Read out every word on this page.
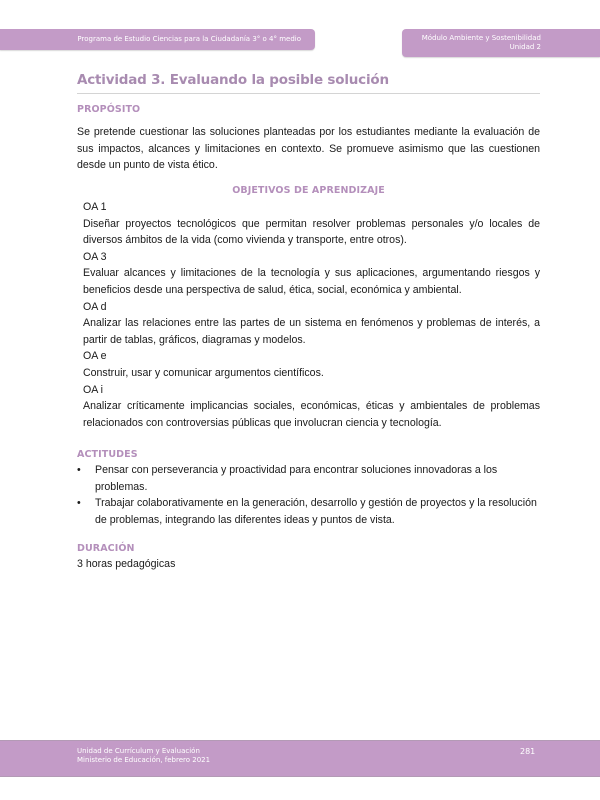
Programa de Estudio Ciencias para la Ciudadanía 3° o 4° medio	Módulo Ambiente y Sostenibilidad
Unidad 2
Actividad 3. Evaluando la posible solución
PROPÓSITO
Se pretende cuestionar las soluciones planteadas por los estudiantes mediante la evaluación de sus impactos, alcances y limitaciones en contexto. Se promueve asimismo que las cuestionen desde un punto de vista ético.
OBJETIVOS DE APRENDIZAJE
OA 1
Diseñar proyectos tecnológicos que permitan resolver problemas personales y/o locales de diversos ámbitos de la vida (como vivienda y transporte, entre otros).
OA 3
Evaluar alcances y limitaciones de la tecnología y sus aplicaciones, argumentando riesgos y beneficios desde una perspectiva de salud, ética, social, económica y ambiental.
OA d
Analizar las relaciones entre las partes de un sistema en fenómenos y problemas de interés, a partir de tablas, gráficos, diagramas y modelos.
OA e
Construir, usar y comunicar argumentos científicos.
OA i
Analizar críticamente implicancias sociales, económicas, éticas y ambientales de problemas relacionados con controversias públicas que involucran ciencia y tecnología.
ACTITUDES
• Pensar con perseverancia y proactividad para encontrar soluciones innovadoras a los problemas.
• Trabajar colaborativamente en la generación, desarrollo y gestión de proyectos y la resolución de problemas, integrando las diferentes ideas y puntos de vista.
DURACIÓN
3 horas pedagógicas
Unidad de Currículum y Evaluación
Ministerio de Educación, febrero 2021
281
